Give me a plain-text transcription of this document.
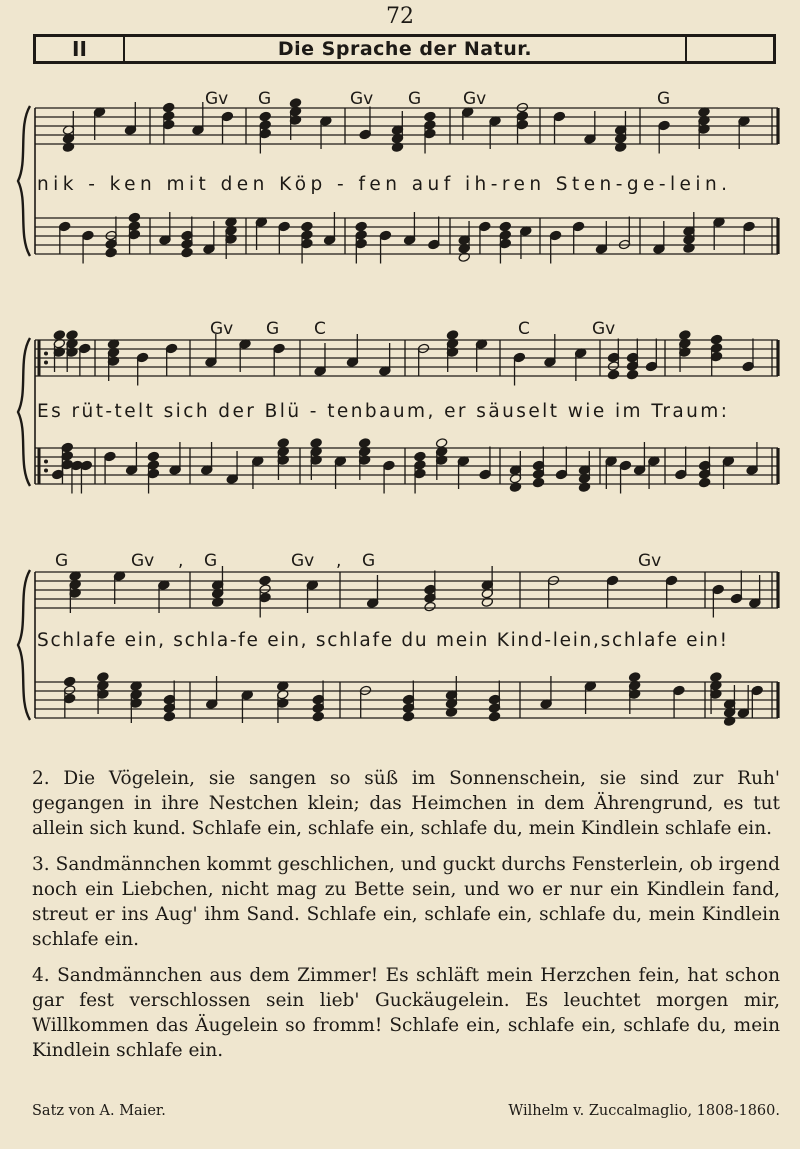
72
II	Die Sprache der Natur.
Gv G	Gv G Gv	G
nik - ken mit den Köp - fen auf ih-ren Sten-ge-lein.
Gv G C	,	C	Gv
Es rüt-telt sich der Blü - tenbaum, er säuselt wie im Traum:
G	Gv , G	Gv , G	Gv
Schlafe ein, schla-fe ein, schlafe du mein Kind-lein,schlafe ein!

2. Die Vögelein, sie sangen so süß im Sonnenschein, sie sind zur Ruh' gegangen in ihre Nestchen klein; das Heimchen in dem Ährengrund, es tut allein sich kund. Schlafe ein, schlafe ein, schlafe du, mein Kindlein schlafe ein.

3. Sandmännchen kommt geschlichen, und guckt durchs Fensterlein, ob irgend noch ein Liebchen, nicht mag zu Bette sein, und wo er nur ein Kindlein fand, streut er ins Aug' ihm Sand. Schlafe ein, schlafe ein, schlafe du, mein Kindlein schlafe ein.

4. Sandmännchen aus dem Zimmer! Es schläft mein Herzchen fein, hat schon gar fest verschlossen sein lieb' Guckäugelein. Es leuchtet morgen mir, Willkommen das Äugelein so fromm! Schlafe ein, schlafe ein, schlafe du, mein Kindlein schlafe ein.

Satz von A. Maier.	Wilhelm v. Zuccalmaglio, 1808-1860.
